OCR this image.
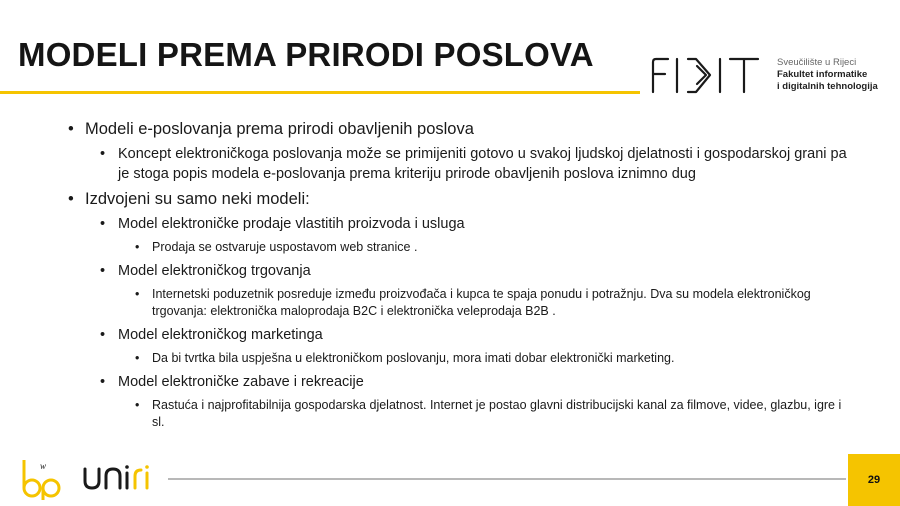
MODELI PREMA PRIRODI POSLOVA	Sveučilište u Rijeci
Fakultet informatike
i digitalnih tehnologija

• Modeli e-poslovanja prema prirodi obavljenih poslova

• Koncept elektroničkoga poslovanja može se primijeniti gotovo u svakoj ljudskoj djelatnosti i gospodarskoj grani pa je stoga popis modela e-poslovanja prema kriteriju prirode obavljenih poslova iznimno dug

• Izdvojeni su samo neki modeli:

• Model elektroničke prodaje vlastitih proizvoda i usluga

• Prodaja se ostvaruje uspostavom web stranice .

• Model elektroničkog trgovanja

• Internetski poduzetnik posreduje između proizvođača i kupca te spaja ponudu i potražnju. Dva su modela elektroničkog trgovanja: elektronička maloprodaja B2C i elektronička veleprodaja B2B .

• Model elektroničkog marketinga

• Da bi tvrtka bila uspješna u elektroničkom poslovanju, mora imati dobar elektronički marketing.

• Model elektroničke zabave i rekreacije

• Rastuća i najprofitabilnija gospodarska djelatnost. Internet je postao glavni distribucijski kanal za filmove, videe, glazbu, igre i sl.

w
29
